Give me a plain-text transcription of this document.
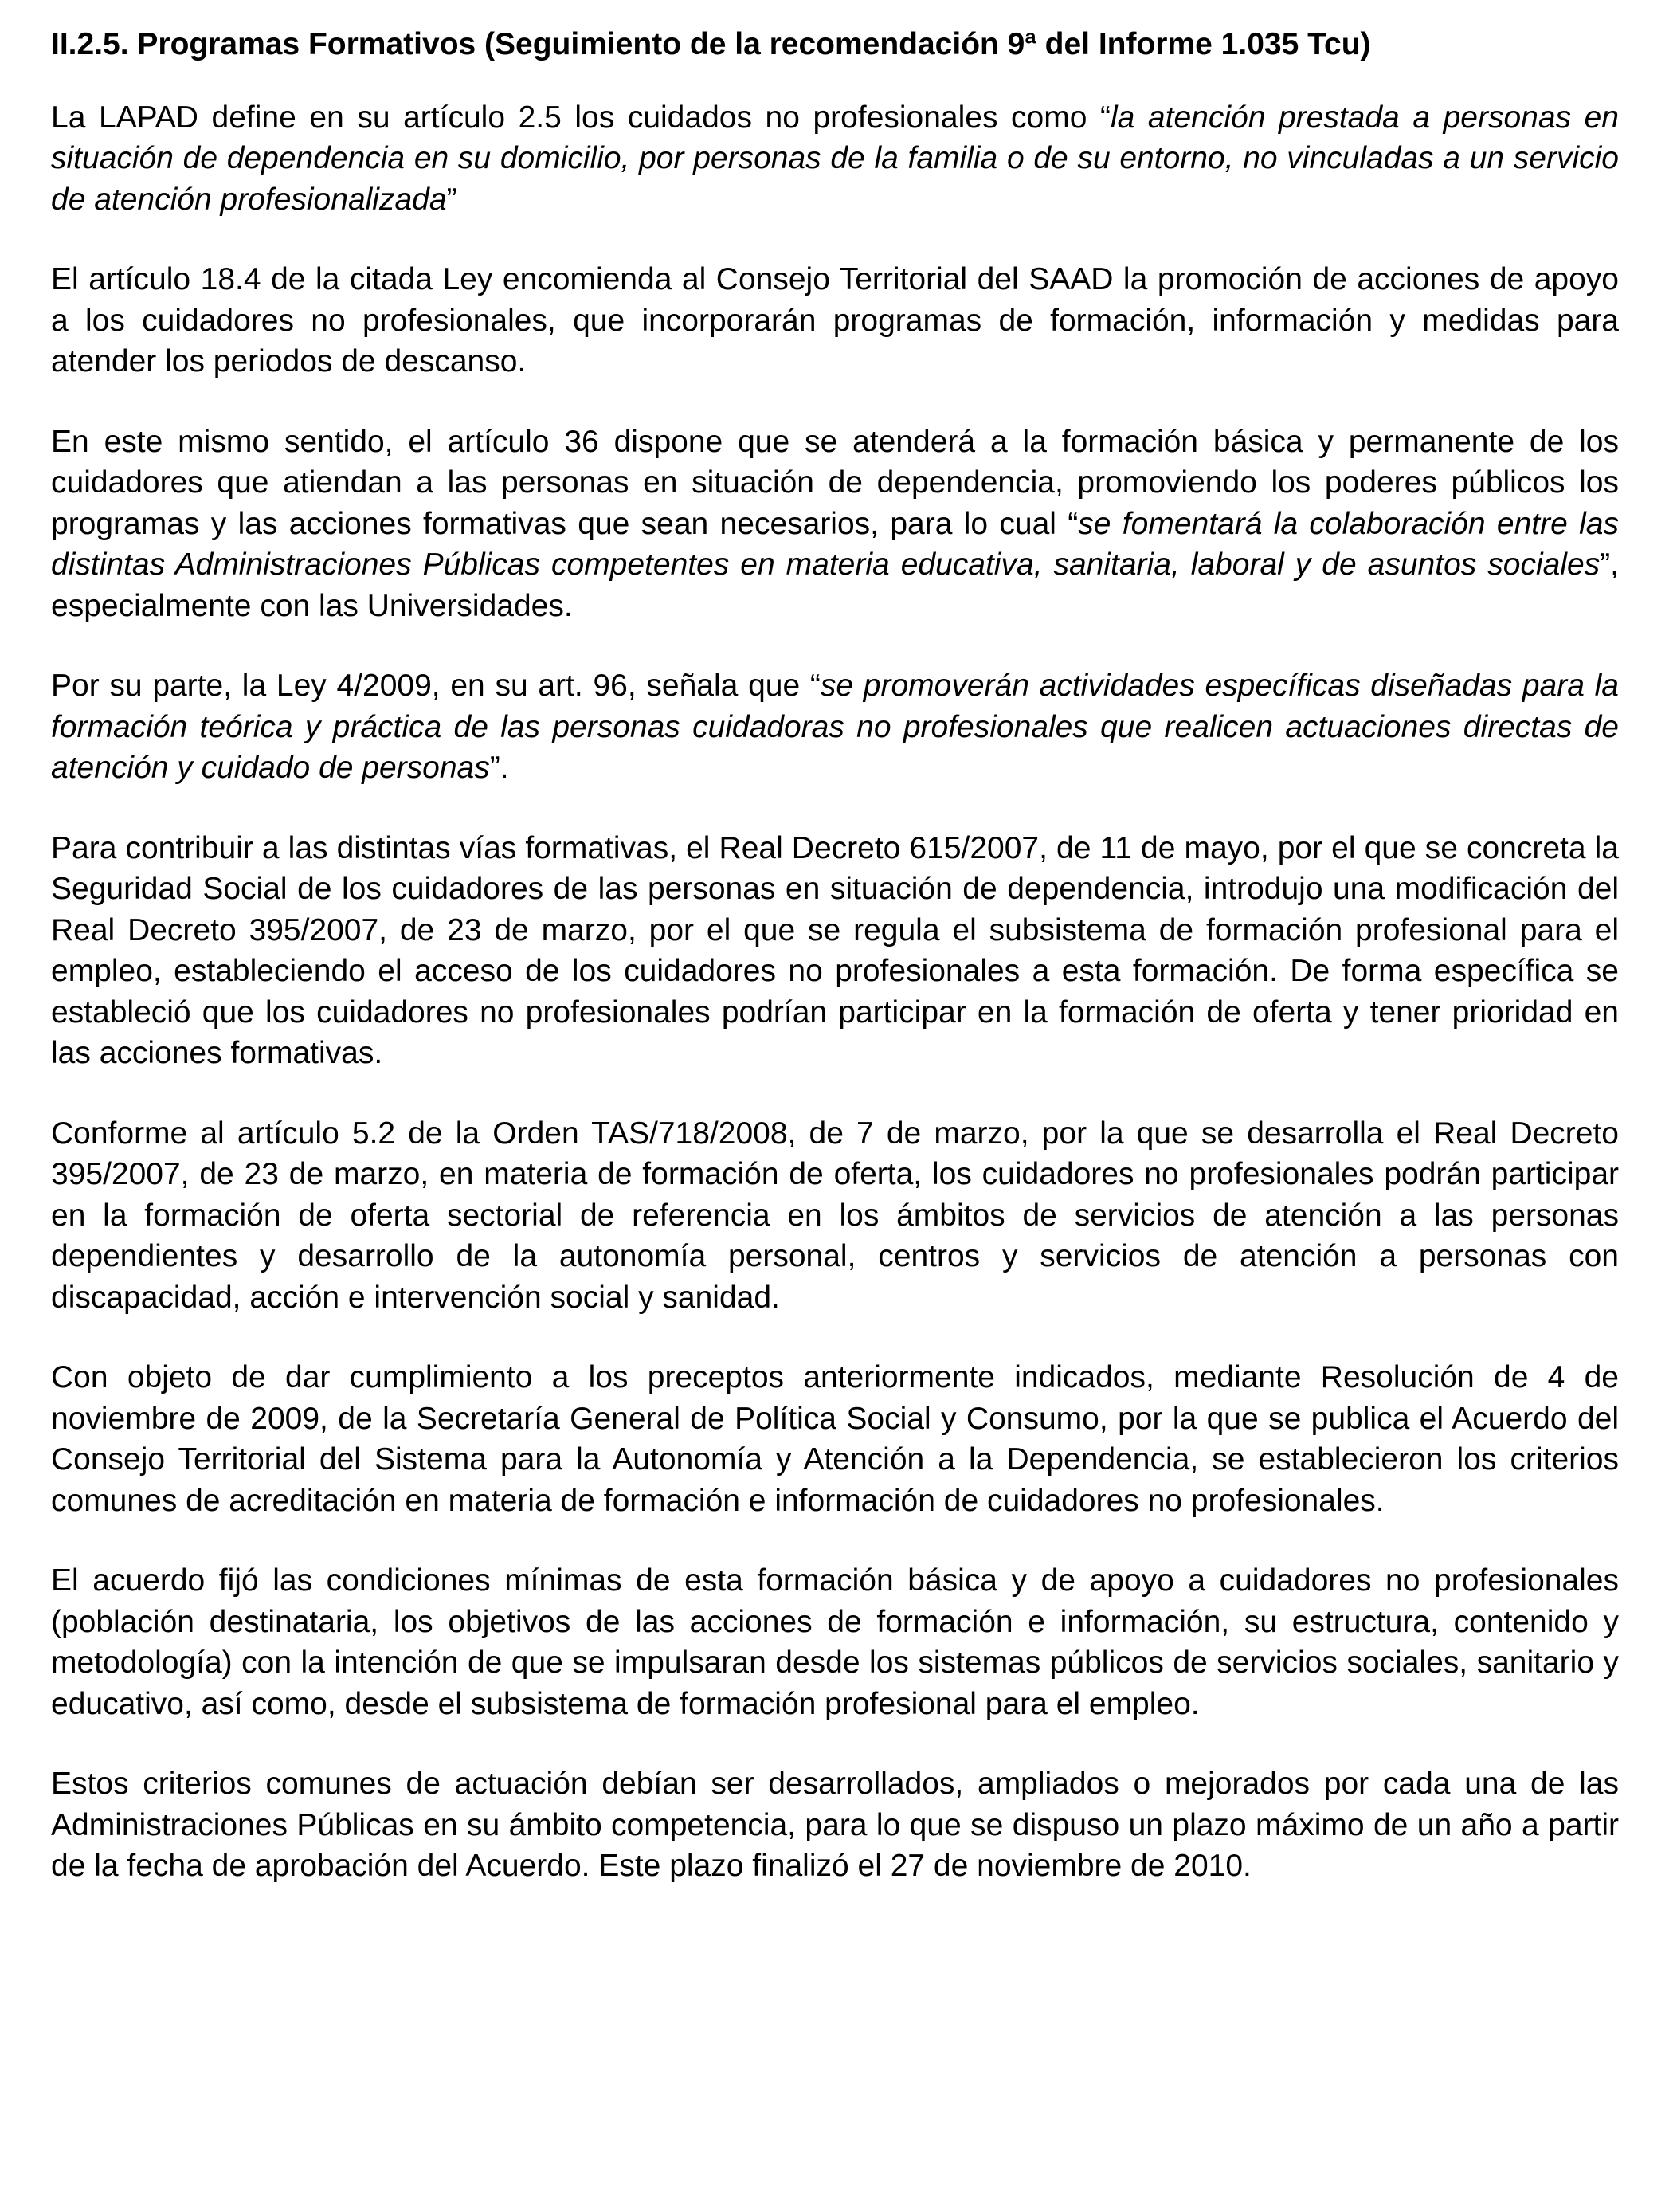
II.2.5. Programas Formativos (Seguimiento de la recomendación 9ª del Informe 1.035 Tcu)

La LAPAD define en su artículo 2.5 los cuidados no profesionales como “la atención prestada a personas en situación de dependencia en su domicilio, por personas de la familia o de su entorno, no vinculadas a un servicio de atención profesionalizada”

El artículo 18.4 de la citada Ley encomienda al Consejo Territorial del SAAD la promoción de acciones de apoyo a los cuidadores no profesionales, que incorporarán programas de formación, información y medidas para atender los periodos de descanso.

En este mismo sentido, el artículo 36 dispone que se atenderá a la formación básica y permanente de los cuidadores que atiendan a las personas en situación de dependencia, promoviendo los poderes públicos los programas y las acciones formativas que sean necesarios, para lo cual “se fomentará la colaboración entre las distintas Administraciones Públicas competentes en materia educativa, sanitaria, laboral y de asuntos sociales”, especialmente con las Universidades.

Por su parte, la Ley 4/2009, en su art. 96, señala que “se promoverán actividades específicas diseñadas para la formación teórica y práctica de las personas cuidadoras no profesionales que realicen actuaciones directas de atención y cuidado de personas”.

Para contribuir a las distintas vías formativas, el Real Decreto 615/2007, de 11 de mayo, por el que se concreta la Seguridad Social de los cuidadores de las personas en situación de dependencia, introdujo una modificación del Real Decreto 395/2007, de 23 de marzo, por el que se regula el subsistema de formación profesional para el empleo, estableciendo el acceso de los cuidadores no profesionales a esta formación. De forma específica se estableció que los cuidadores no profesionales podrían participar en la formación de oferta y tener prioridad en las acciones formativas.

Conforme al artículo 5.2 de la Orden TAS/718/2008, de 7 de marzo, por la que se desarrolla el Real Decreto 395/2007, de 23 de marzo, en materia de formación de oferta, los cuidadores no profesionales podrán participar en la formación de oferta sectorial de referencia en los ámbitos de servicios de atención a las personas dependientes y desarrollo de la autonomía personal, centros y servicios de atención a personas con discapacidad, acción e intervención social y sanidad.

Con objeto de dar cumplimiento a los preceptos anteriormente indicados, mediante Resolución de 4 de noviembre de 2009, de la Secretaría General de Política Social y Consumo, por la que se publica el Acuerdo del Consejo Territorial del Sistema para la Autonomía y Atención a la Dependencia, se establecieron los criterios comunes de acreditación en materia de formación e información de cuidadores no profesionales.

El acuerdo fijó las condiciones mínimas de esta formación básica y de apoyo a cuidadores no profesionales (población destinataria, los objetivos de las acciones de formación e información, su estructura, contenido y metodología) con la intención de que se impulsaran desde los sistemas públicos de servicios sociales, sanitario y educativo, así como, desde el subsistema de formación profesional para el empleo.

Estos criterios comunes de actuación debían ser desarrollados, ampliados o mejorados por cada una de las Administraciones Públicas en su ámbito competencia, para lo que se dispuso un plazo máximo de un año a partir de la fecha de aprobación del Acuerdo. Este plazo finalizó el 27 de noviembre de 2010.
